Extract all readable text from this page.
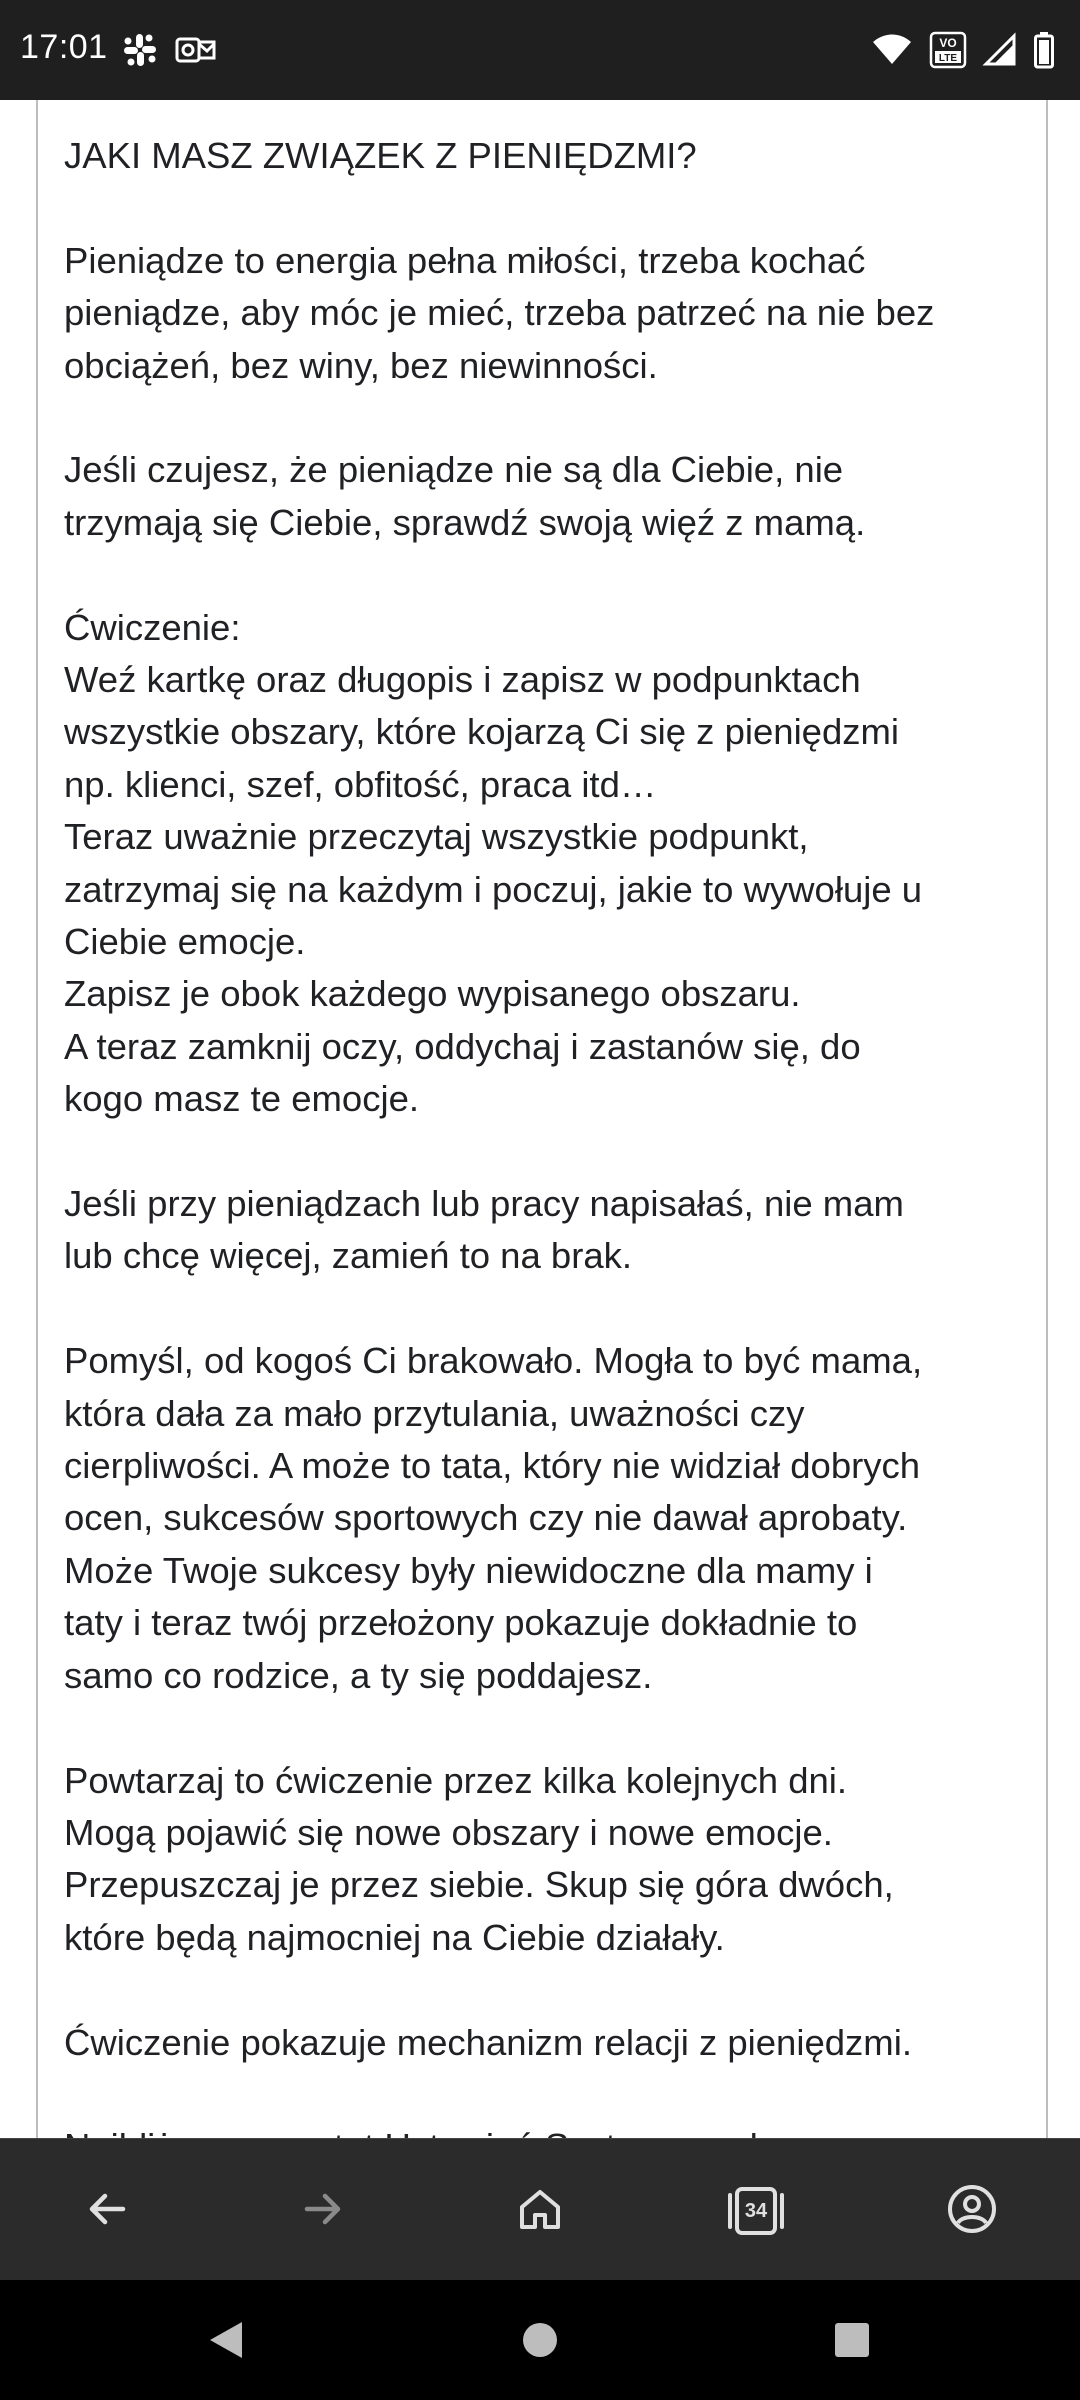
17:01	VO
LTE

JAKI MASZ ZWIĄZEK Z PIENIĘDZMI?

Pieniądze to energia pełna miłości, trzeba kochać

pieniądze, aby móc je mieć, trzeba patrzeć na nie bez

obciążeń, bez winy, bez niewinności.

Jeśli czujesz, że pieniądze nie są dla Ciebie, nie

trzymają się Ciebie, sprawdź swoją więź z mamą.

Ćwiczenie:

Weź kartkę oraz długopis i zapisz w podpunktach

wszystkie obszary, które kojarzą Ci się z pieniędzmi

np. klienci, szef, obfitość, praca itd…

Teraz uważnie przeczytaj wszystkie podpunkt,

zatrzymaj się na każdym i poczuj, jakie to wywołuje u

Ciebie emocje.

Zapisz je obok każdego wypisanego obszaru.

A teraz zamknij oczy, oddychaj i zastanów się, do

kogo masz te emocje.

Jeśli przy pieniądzach lub pracy napisałaś, nie mam

lub chcę więcej, zamień to na brak.

Pomyśl, od kogoś Ci brakowało. Mogła to być mama,

która dała za mało przytulania, uważności czy

cierpliwości. A może to tata, który nie widział dobrych

ocen, sukcesów sportowych czy nie dawał aprobaty.

Może Twoje sukcesy były niewidoczne dla mamy i

taty i teraz twój przełożony pokazuje dokładnie to

samo co rodzice, a ty się poddajesz.

Powtarzaj to ćwiczenie przez kilka kolejnych dni.

Mogą pojawić się nowe obszary i nowe emocje.

Przepuszczaj je przez siebie. Skup się góra dwóch,

które będą najmocniej na Ciebie działały.

Ćwiczenie pokazuje mechanizm relacji z pieniędzmi.

34
